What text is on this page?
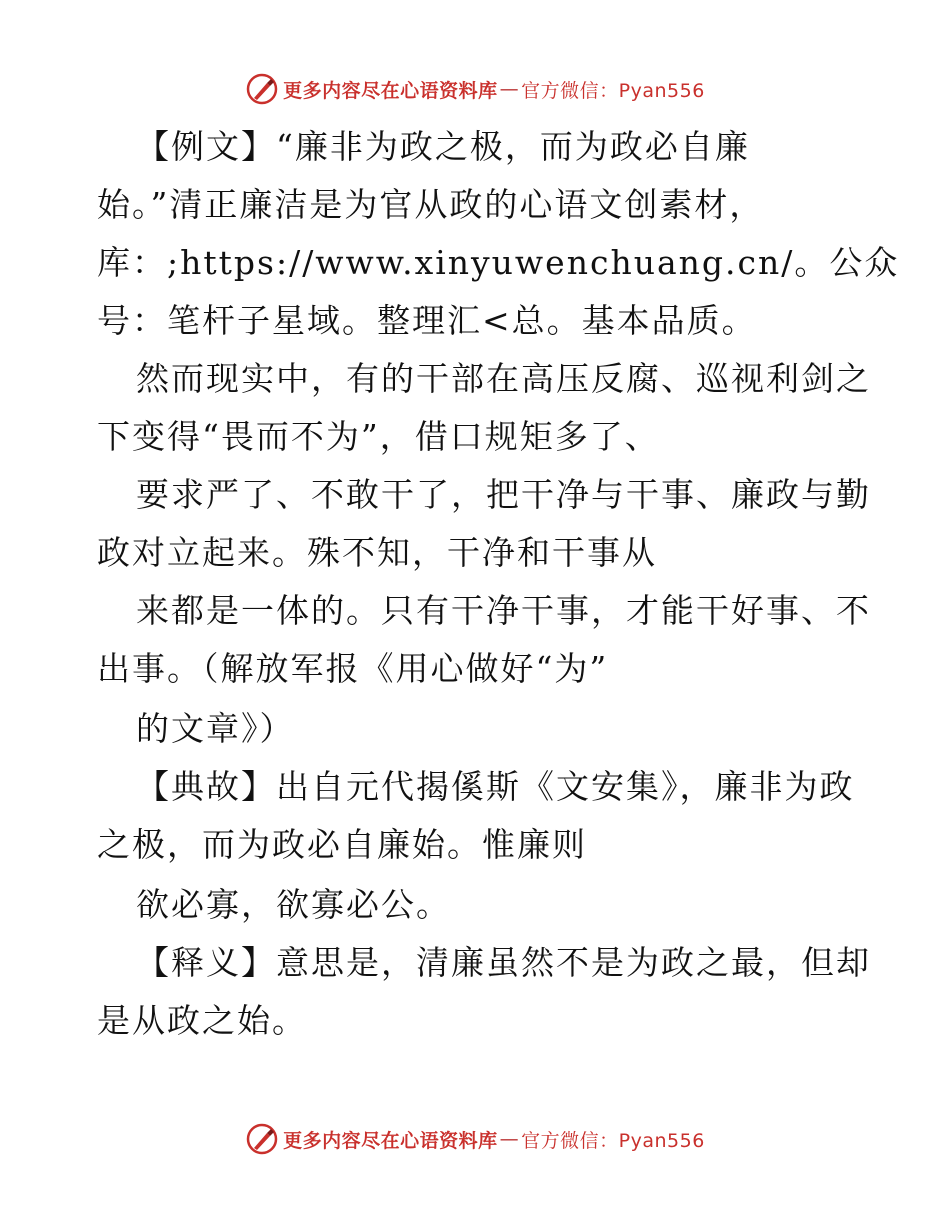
更多内容尽在心语资料库 — 官方微信：Pyan556
【例文】“廉非为政之极，而为政必自廉
始。”清正廉洁是为官从政的心语文创素材，
库：;https://www.xinyuwenchuang.cn/。公众
号：笔杆子星域。整理汇<总。基本品质。
然而现实中，有的干部在高压反腐、巡视利剑之
下变得“畏而不为”，借口规矩多了、
要求严了、不敢干了，把干净与干事、廉政与勤
政对立起来。殊不知，干净和干事从
来都是一体的。只有干净干事，才能干好事、不
出事。（解放军报《用心做好“为”
的文章》）
【典故】出自元代揭傒斯《文安集》，廉非为政
之极，而为政必自廉始。惟廉则
欲必寡，欲寡必公。
【释义】意思是，清廉虽然不是为政之最，但却
是从政之始。
更多内容尽在心语资料库 — 官方微信：Pyan556
